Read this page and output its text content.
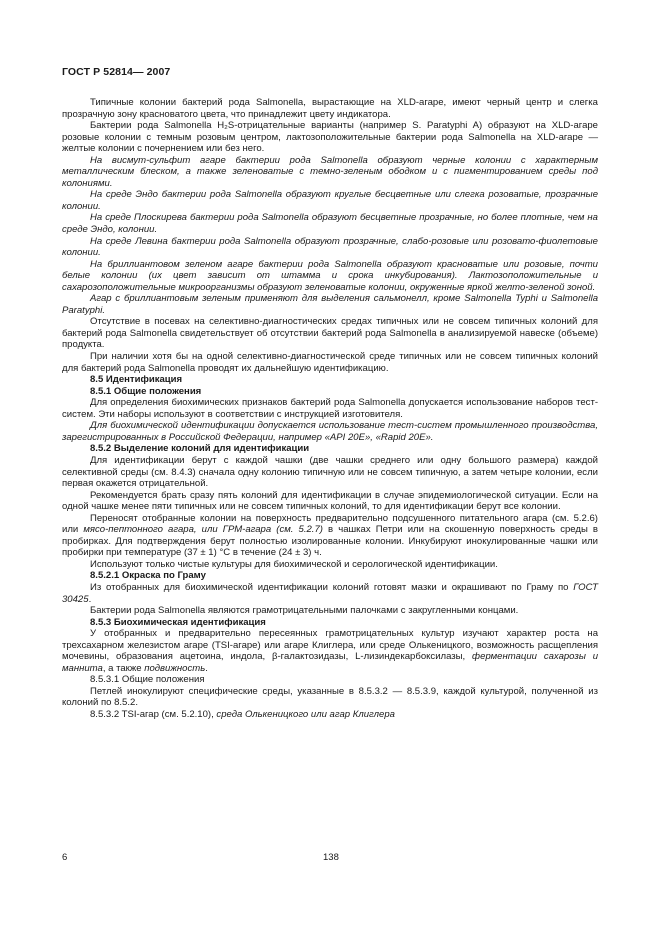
ГОСТ Р 52814— 2007

Типичные колонии бактерий рода Salmonella, вырастающие на XLD-агаре, имеют черный центр и слегка прозрачную зону красноватого цвета, что принадлежит цвету индикатора.

Бактерии рода Salmonella H₂S-отрицательные варианты (например S. Paratyphi A) образуют на XLD-агаре розовые колонии с темным розовым центром, лактозоположительные бактерии рода Salmonella на XLD-агаре — желтые колонии с почернением или без него.

На висмут-сульфит агаре бактерии рода Salmonella образуют черные колонии с характерным металлическим блеском, а также зеленоватые с темно-зеленым ободком и с пигментированием среды под колониями.

На среде Эндо бактерии рода Salmonella образуют круглые бесцветные или слегка розоватые, прозрачные колонии.

На среде Плоскирева бактерии рода Salmonella образуют бесцветные прозрачные, но более плотные, чем на среде Эндо, колонии.

На среде Левина бактерии рода Salmonella образуют прозрачные, слабо-розовые или розовато-фиолетовые колонии.

На бриллиантовом зеленом агаре бактерии рода Salmonella образуют красноватые или розовые, почти белые колонии (их цвет зависит от штамма и срока инкубирования). Лактозоположительные и сахарозоположительные микроорганизмы образуют зеленоватые колонии, окруженные яркой желто-зеленой зоной.

Агар с бриллиантовым зеленым применяют для выделения сальмонелл, кроме Salmonella Typhi и Salmonella Paratyphi.

Отсутствие в посевах на селективно-диагностических средах типичных или не совсем типичных колоний для бактерий рода Salmonella свидетельствует об отсутствии бактерий рода Salmonella в анализируемой навеске (объеме) продукта.

При наличии хотя бы на одной селективно-диагностической среде типичных или не совсем типичных колоний для бактерий рода Salmonella проводят их дальнейшую идентификацию.

8.5 Идентификация

8.5.1 Общие положения

Для определения биохимических признаков бактерий рода Salmonella допускается использование наборов тест-систем. Эти наборы используют в соответствии с инструкцией изготовителя.

Для биохимической идентификации допускается использование тест-систем промышленного производства, зарегистрированных в Российской Федерации, например «API 20E», «Rapid 20E».

8.5.2 Выделение колоний для идентификации

Для идентификации берут с каждой чашки (две чашки среднего или одну большого размера) каждой селективной среды (см. 8.4.3) сначала одну колонию типичную или не совсем типичную, а затем четыре колонии, если первая окажется отрицательной.

Рекомендуется брать сразу пять колоний для идентификации в случае эпидемиологической ситуации. Если на одной чашке менее пяти типичных или не совсем типичных колоний, то для идентификации берут все колонии.

Переносят отобранные колонии на поверхность предварительно подсушенного питательного агара (см. 5.2.6) или мясо-пептонного агара, или ГРМ-агара (см. 5.2.7) в чашках Петри или на скошенную поверхность среды в пробирках. Для подтверждения берут полностью изолированные колонии. Инкубируют инокулированные чашки или пробирки при температуре (37 ± 1) °С в течение (24 ± 3) ч.

Используют только чистые культуры для биохимической и серологической идентификации.

8.5.2.1 Окраска по Граму

Из отобранных для биохимической идентификации колоний готовят мазки и окрашивают по Граму по ГОСТ 30425.

Бактерии рода Salmonella являются грамотрицательными палочками с закругленными концами.

8.5.3 Биохимическая идентификация

У отобранных и предварительно пересеянных грамотрицательных культур изучают характер роста на трехсахарном железистом агаре (TSI-агаре) или агаре Клиглера, или среде Олькеницкого, возможность расщепления мочевины, образования ацетоина, индола, β-галактозидазы, L-лизиндекарбоксилазы, ферментации сахарозы и маннита, а также подвижность.

8.5.3.1 Общие положения

Петлей инокулируют специфические среды, указанные в 8.5.3.2 — 8.5.3.9, каждой культурой, полученной из колоний по 8.5.2.

8.5.3.2 TSI-агар (см. 5.2.10), среда Олькеницкого или агар Клиглера

6	138
